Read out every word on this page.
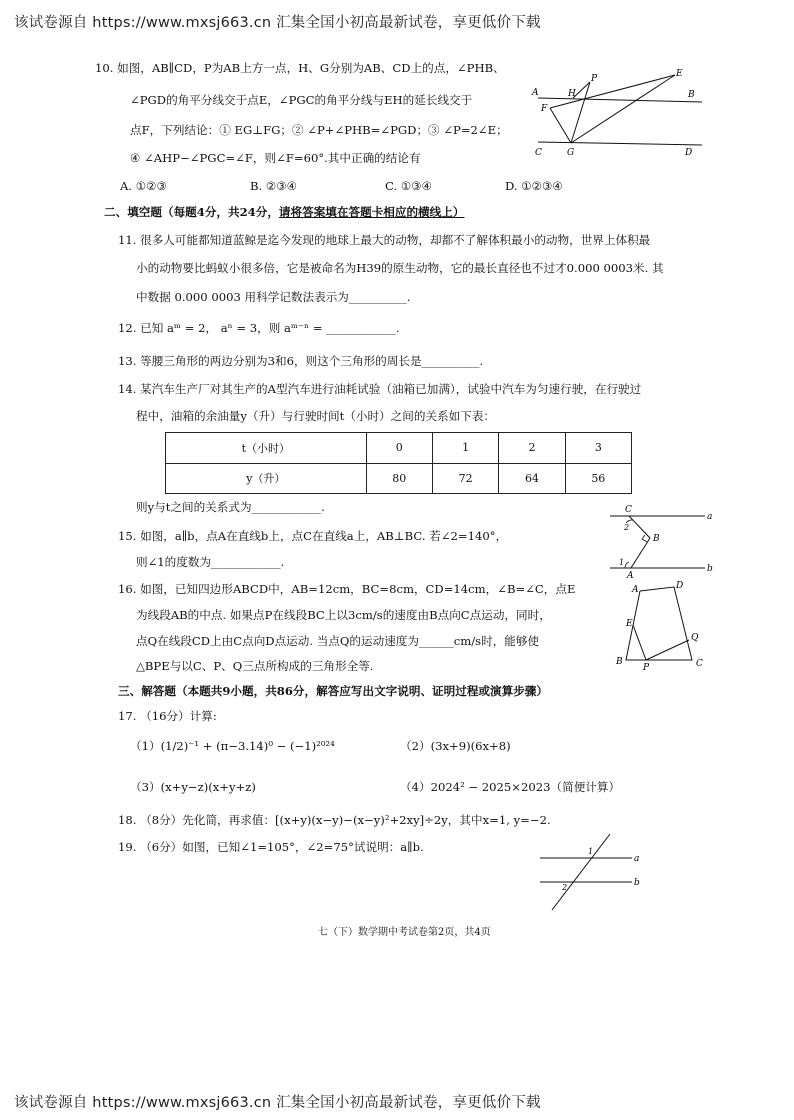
该试卷源自 https://www.mxsj663.cn 汇集全国小初高最新试卷，享更低价下载
10. 如图，AB∥CD，P为AB上方一点，H、G分别为AB、CD上的点，∠PHB、
∠PGD的角平分线交于点E，∠PGC的角平分线与EH的延长线交于
点F，下列结论：① EG⊥FG；② ∠P+∠PHB=∠PGD；③ ∠P=2∠E；
④ ∠AHP−∠PGC=∠F，则∠F=60°.其中正确的结论有
A. ①②③	B. ②③④	C. ①③④	D. ①②③④
P	E
A	H	B
F
C	G	D
二、填空题（每题4分，共24分，请将答案填在答题卡相应的横线上）
11. 很多人可能都知道蓝鲸是迄今发现的地球上最大的动物，却都不了解体积最小的动物，世界上体积最
小的动物要比蚂蚁小很多倍，它是被命名为H39的原生动物，它的最长直径也不过才0.000 0003米. 其
中数据 0.000 0003 用科学记数法表示为__________.
12. 已知 aᵐ = 2， aⁿ = 3，则 aᵐ⁻ⁿ = ____________.
13. 等腰三角形的两边分别为3和6，则这个三角形的周长是__________.
14. 某汽车生产厂对其生产的A型汽车进行油耗试验（油箱已加满），试验中汽车为匀速行驶，在行驶过
程中，油箱的余油量y（升）与行驶时间t（小时）之间的关系如下表：
t（小时）	0	1	2	3
y（升）	80	72	64	56
则y与t之间的关系式为____________.
15. 如图，a∥b，点A在直线b上，点C在直线a上，AB⊥BC. 若∠2=140°，
则∠1的度数为____________.
C
a
2
B
1
A
b
16. 如图，已知四边形ABCD中，AB=12cm，BC=8cm，CD=14cm，∠B=∠C，点E
为线段AB的中点. 如果点P在线段BC上以3cm/s的速度由B点向C点运动，同时，
点Q在线段CD上由C点向D点运动. 当点Q的运动速度为______cm/s时，能够使
△BPE与以C、P、Q三点所构成的三角形全等.
A	D
E
Q
B
P	C
三、解答题（本题共9小题，共86分，解答应写出文字说明、证明过程或演算步骤）
17. （16分）计算:
（1）(1/2)⁻¹ + (π−3.14)⁰ − (−1)²⁰²⁴	（2）(3x+9)(6x+8)
（3）(x+y−z)(x+y+z)	（4）2024² − 2025×2023（简便计算）
18. （8分）先化简，再求值：[(x+y)(x−y)−(x−y)²+2xy]÷2y，其中x=1, y=−2.
19. （6分）如图，已知∠1=105°，∠2=75°试说明：a∥b.	1
a
2	b
七（下）数学期中考试卷第2页，共4页
该试卷源自 https://www.mxsj663.cn 汇集全国小初高最新试卷，享更低价下载
